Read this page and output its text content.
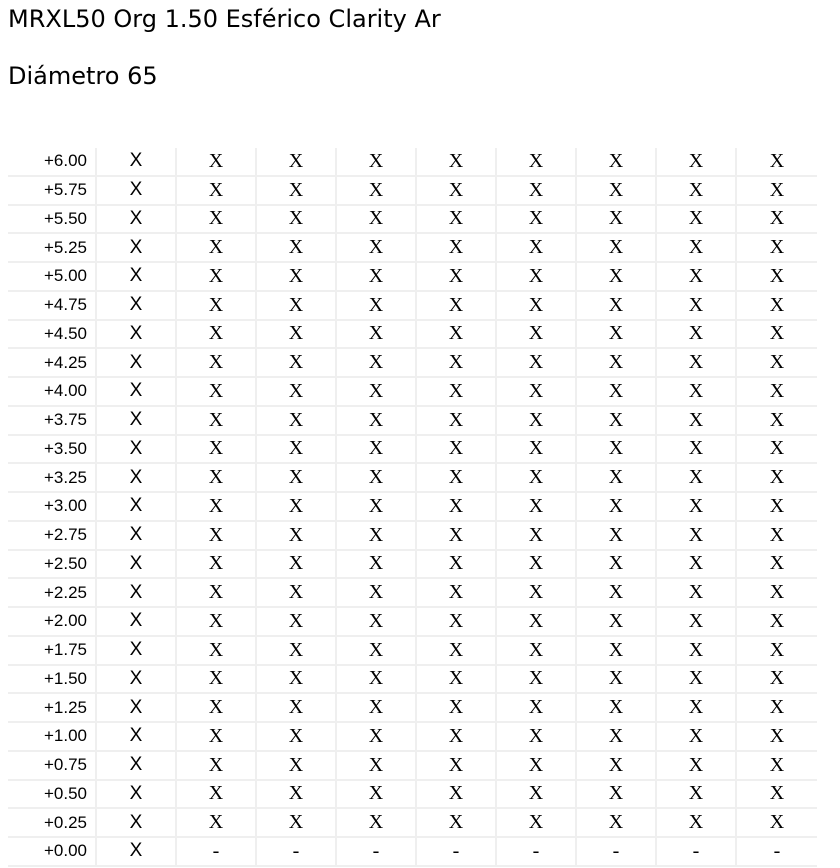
MRXL50 Org 1.50 Esférico Clarity Ar
Diámetro 65
+6.00	X	X	X	X	X	X	X	X	X
+5.75	X	X	X	X	X	X	X	X	X
+5.50	X	X	X	X	X	X	X	X	X
+5.25	X	X	X	X	X	X	X	X	X
+5.00	X	X	X	X	X	X	X	X	X
+4.75	X	X	X	X	X	X	X	X	X
+4.50	X	X	X	X	X	X	X	X	X
+4.25	X	X	X	X	X	X	X	X	X
+4.00	X	X	X	X	X	X	X	X	X
+3.75	X	X	X	X	X	X	X	X	X
+3.50	X	X	X	X	X	X	X	X	X
+3.25	X	X	X	X	X	X	X	X	X
+3.00	X	X	X	X	X	X	X	X	X
+2.75	X	X	X	X	X	X	X	X	X
+2.50	X	X	X	X	X	X	X	X	X
+2.25	X	X	X	X	X	X	X	X	X
+2.00	X	X	X	X	X	X	X	X	X
+1.75	X	X	X	X	X	X	X	X	X
+1.50	X	X	X	X	X	X	X	X	X
+1.25	X	X	X	X	X	X	X	X	X
+1.00	X	X	X	X	X	X	X	X	X
+0.75	X	X	X	X	X	X	X	X	X
+0.50	X	X	X	X	X	X	X	X	X
+0.25	X	X	X	X	X	X	X	X	X
+0.00	X	-	-	-	-	-	-	-	-
